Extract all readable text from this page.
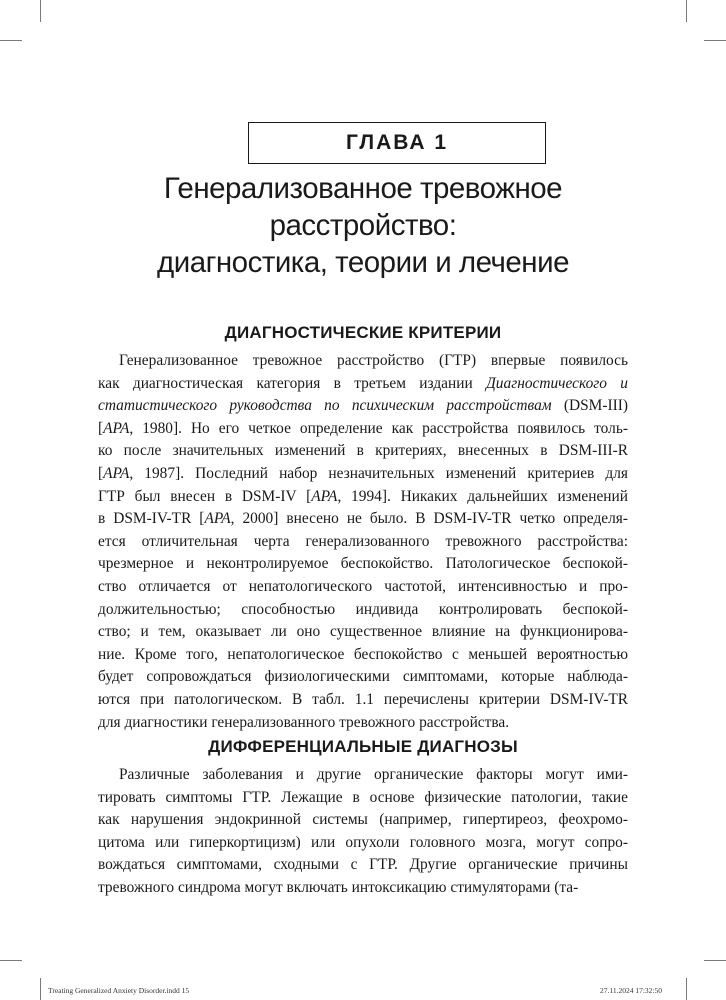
ГЛАВА 1
Генерализованное тревожное
расстройство:
диагностика, теории и лечение
ДИАГНОСТИЧЕСКИЕ КРИТЕРИИ
Генерализованное тревожное расстройство (ГТР) впервые появилось
как диагностическая категория в третьем издании Диагностического и
статистического руководства по психическим расстройствам (DSM-III)
[APA, 1980]. Но его четкое определение как расстройства появилось толь-
ко после значительных изменений в критериях, внесенных в DSM-III-R
[APA, 1987]. Последний набор незначительных изменений критериев для
ГТР был внесен в DSM-IV [APA, 1994]. Никаких дальнейших изменений
в DSM-IV-TR [APA, 2000] внесено не было. В DSM-IV-TR четко определя-
ется отличительная черта генерализованного тревожного расстройства:
чрезмерное и неконтролируемое беспокойство. Патологическое беспокой-
ство отличается от непатологического частотой, интенсивностью и про-
должительностью; способностью индивида контролировать беспокой-
ство; и тем, оказывает ли оно существенное влияние на функционирова-
ние. Кроме того, непатологическое беспокойство с меньшей вероятностью
будет сопровождаться физиологическими симптомами, которые наблюда-
ются при патологическом. В табл. 1.1 перечислены критерии DSM-IV-TR
для диагностики генерализованного тревожного расстройства.
ДИФФЕРЕНЦИАЛЬНЫЕ ДИАГНОЗЫ
Различные заболевания и другие органические факторы могут ими-
тировать симптомы ГТР. Лежащие в основе физические патологии, такие
как нарушения эндокринной системы (например, гипертиреоз, феохромо-
цитома или гиперкортицизм) или опухоли головного мозга, могут сопро-
вождаться симптомами, сходными с ГТР. Другие органические причины
тревожного синдрома могут включать интоксикацию стимуляторами (та-
Treating Generalized Anxiety Disorder.indd 15	27.11.2024 17:32:50
